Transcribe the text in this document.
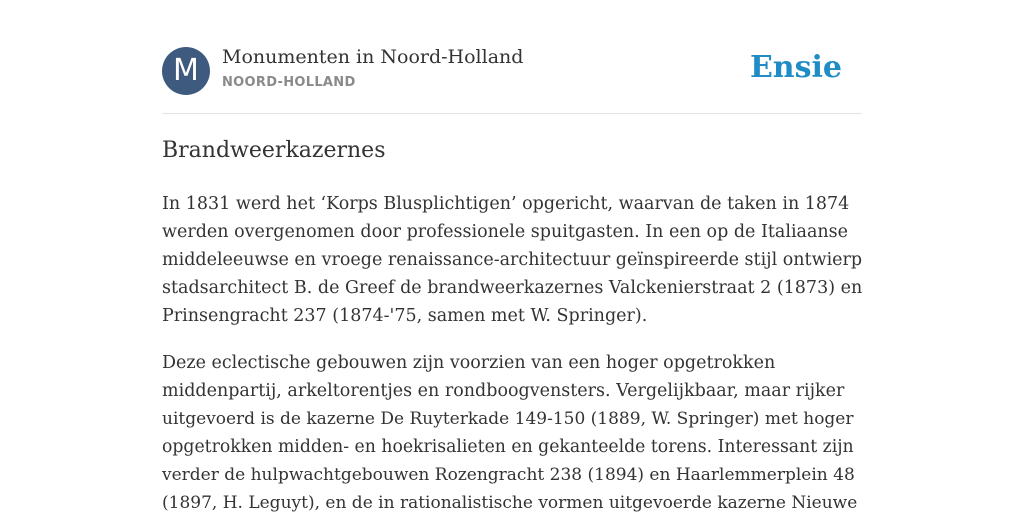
M	Monumenten in Noord-Holland
NOORD-HOLLAND	Ensie
Brandweerkazernes
In 1831 werd het ‘Korps Blusplichtigen’ opgericht, waarvan de taken in 1874
werden overgenomen door professionele spuitgasten. In een op de Italiaanse
middeleeuwse en vroege renaissance-architectuur geïnspireerde stijl ontwierp
stadsarchitect B. de Greef de brandweerkazernes Valckenierstraat 2 (1873) en
Prinsengracht 237 (1874-'75, samen met W. Springer).
Deze eclectische gebouwen zijn voorzien van een hoger opgetrokken
middenpartij, arkeltorentjes en rondboogvensters. Vergelijkbaar, maar rijker
uitgevoerd is de kazerne De Ruyterkade 149-150 (1889, W. Springer) met hoger
opgetrokken midden- en hoekrisalieten en gekanteelde torens. Interessant zijn
verder de hulpwachtgebouwen Rozengracht 238 (1894) en Haarlemmerplein 48
(1897, H. Leguyt), en de in rationalistische vormen uitgevoerde kazerne Nieuwe
